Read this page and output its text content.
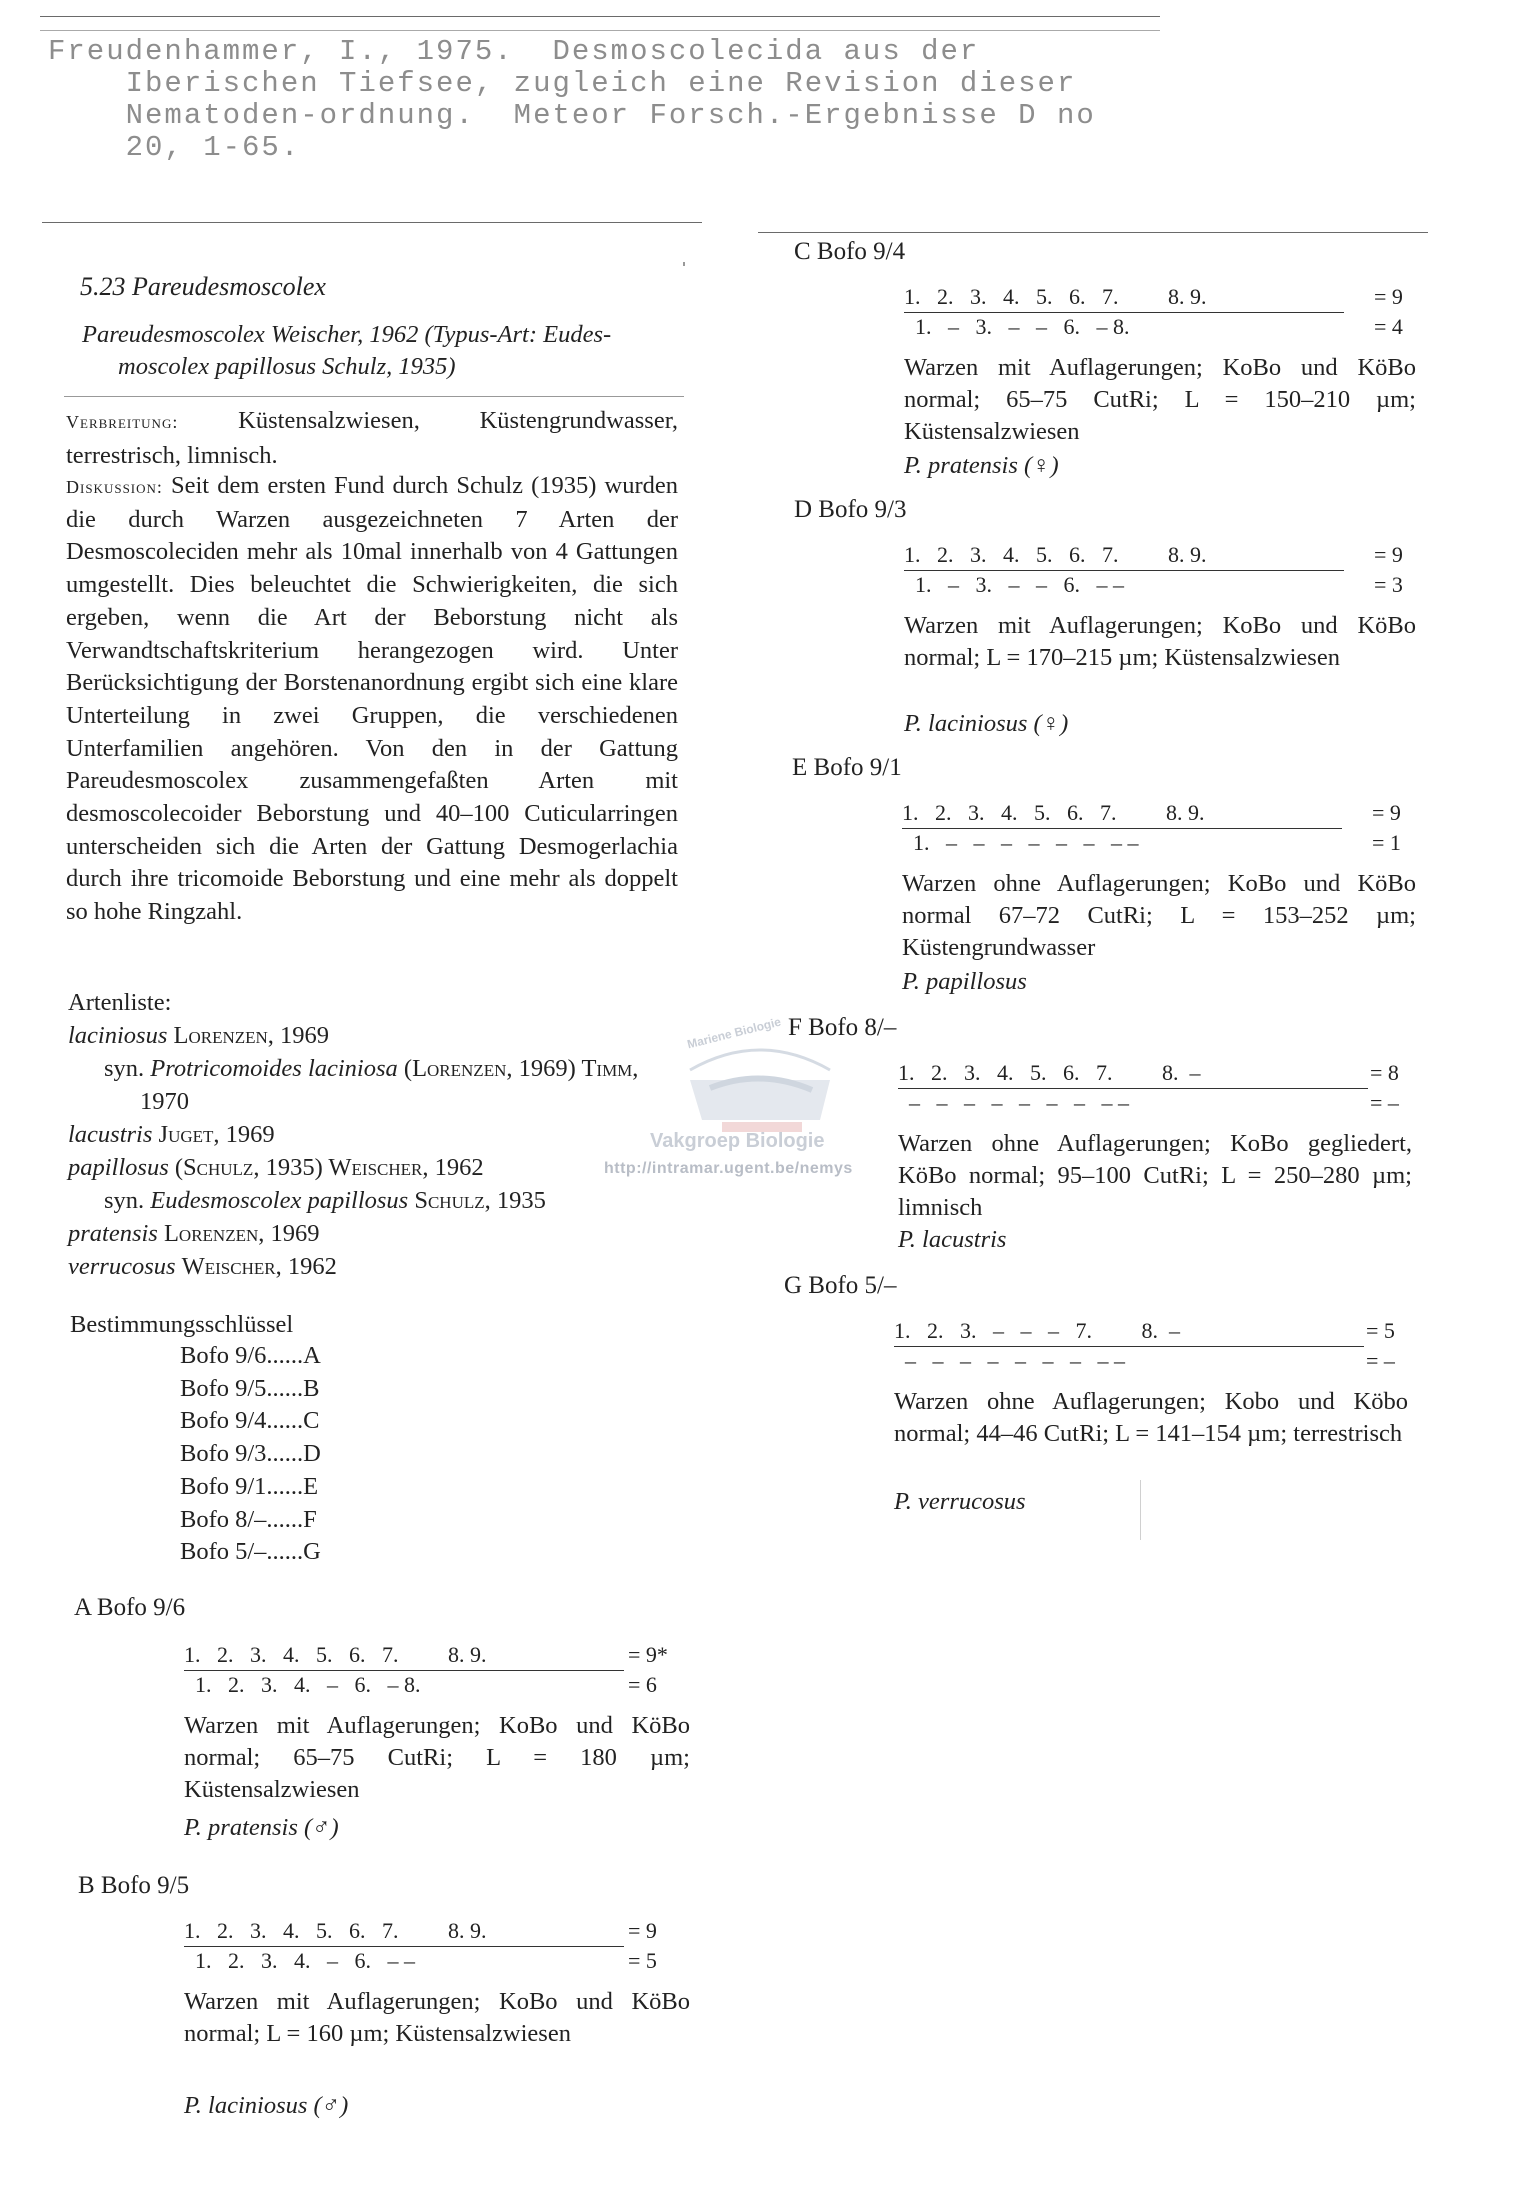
Freudenhammer, I., 1975.  Desmoscolecida aus der
Iberischen Tiefsee, zugleich eine Revision dieser
Nematoden-ordnung.  Meteor Forsch.-Ergebnisse D no
20, 1-65.
5.23 Pareudesmoscolex
Pareudesmoscolex Weischer, 1962 (Typus-Art: Eudes-
moscolex papillosus Schulz, 1935)
Verbreitung: Küstensalzwiesen, Küstengrundwasser, terrestrisch, limnisch.
Diskussion: Seit dem ersten Fund durch Schulz (1935) wurden die durch Warzen ausgezeichneten 7 Arten der Desmoscoleciden mehr als 10mal innerhalb von 4 Gattungen umgestellt. Dies beleuchtet die Schwierigkeiten, die sich ergeben, wenn die Art der Beborstung nicht als Verwandtschaftskriterium herangezogen wird. Unter Berücksichtigung der Borstenanordnung ergibt sich eine klare Unterteilung in zwei Gruppen, die verschiedenen Unterfamilien angehören. Von den in der Gattung Pareudesmoscolex zusammengefaßten Arten mit desmoscolecoider Beborstung und 40–100 Cuticularringen unterscheiden sich die Arten der Gattung Desmogerlachia durch ihre tricomoide Beborstung und eine mehr als doppelt so hohe Ringzahl.
Artenliste:
laciniosus Lorenzen, 1969
syn. Protricomoides laciniosa (Lorenzen, 1969) Timm,
1970
lacustris Juget, 1969
papillosus (Schulz, 1935) Weischer, 1962
syn. Eudesmoscolex papillosus Schulz, 1935
pratensis Lorenzen, 1969
verrucosus Weischer, 1962
Bestimmungsschlüssel
Bofo 9/6......A
Bofo 9/5......B
Bofo 9/4......C
Bofo 9/3......D
Bofo 9/1......E
Bofo 8/–......F
Bofo 5/–......G
A Bofo 9/6
1.   2.   3.   4.   5.   6.   7.         8. 9.
1.   2.   3.   4.   –   6.   – 8.
= 9*
= 6
Warzen mit Auflagerungen; KoBo und KöBo normal; 65–75 CutRi; L = 180 µm; Küstensalzwiesen
P. pratensis (♂)
B Bofo 9/5
1.   2.   3.   4.   5.   6.   7.         8. 9.
1.   2.   3.   4.   –   6.   – –
= 9
= 5
Warzen mit Auflagerungen; KoBo und KöBo normal; L = 160 µm; Küstensalzwiesen
P. laciniosus (♂)
C Bofo 9/4
1.   2.   3.   4.   5.   6.   7.         8. 9.
1.   –   3.   –   –   6.   – 8.
= 9
= 4
Warzen mit Auflagerungen; KoBo und KöBo normal; 65–75 CutRi; L = 150–210 µm; Küstensalzwiesen
P. pratensis (♀)
D Bofo 9/3
1.   2.   3.   4.   5.   6.   7.         8. 9.
1.   –   3.   –   –   6.   – –
= 9
= 3
Warzen mit Auflagerungen; KoBo und KöBo normal; L = 170–215 µm; Küstensalzwiesen
P. laciniosus (♀)
E Bofo 9/1
1.   2.   3.   4.   5.   6.   7.         8. 9.
1.   –   –   –   –   –   –   – –
= 9
= 1
Warzen ohne Auflagerungen; KoBo und KöBo normal 67–72 CutRi; L = 153–252 µm; Küstengrundwasser
P. papillosus
Mariene Biologie
Vakgroep Biologie
http://intramar.ugent.be/nemys
F Bofo 8/–
1.   2.   3.   4.   5.   6.   7.         8.  –
–   –   –   –   –   –   –   – –
= 8
= –
Warzen ohne Auflagerungen; KoBo gegliedert, KöBo normal; 95–100 CutRi; L = 250–280 µm; limnisch
P. lacustris
G Bofo 5/–
1.   2.   3.   –   –   –   7.         8.  –
–   –   –   –   –   –   –   – –
= 5
= –
Warzen ohne Auflagerungen; Kobo und Köbo normal; 44–46 CutRi; L = 141–154 µm; terrestrisch
P. verrucosus
